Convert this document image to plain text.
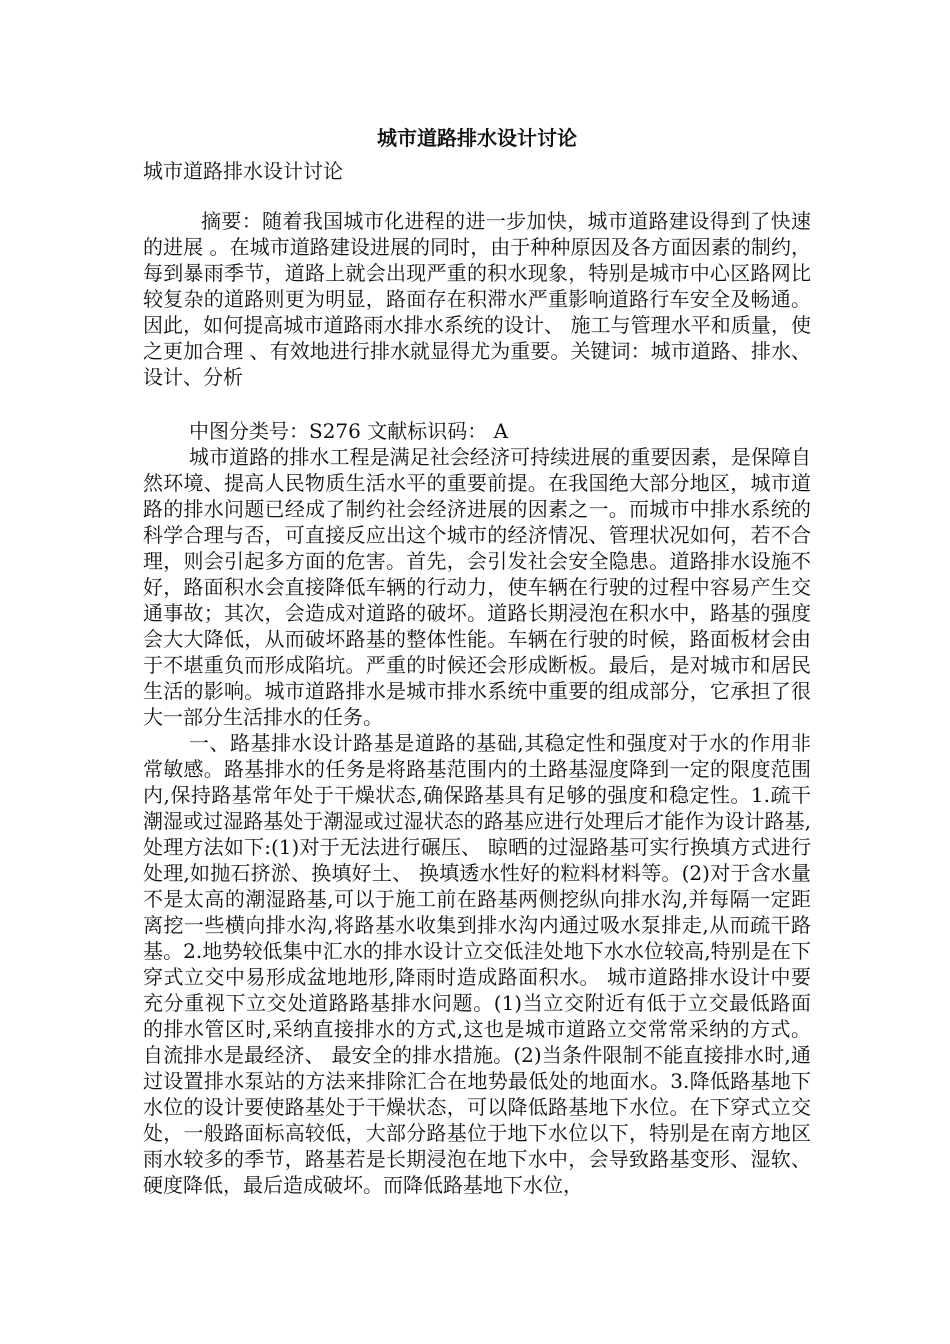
城市道路排水设计讨论

城市道路排水设计讨论

摘要：随着我国城市化进程的进一步加快，城市道路建设得到了快速的进展 。在城市道路建设进展的同时，由于种种原因及各方面因素的制约，每到暴雨季节，道路上就会出现严重的积水现象，特别是城市中心区路网比较复杂的道路则更为明显，路面存在积滞水严重影响道路行车安全及畅通。 因此，如何提高城市道路雨水排水系统的设计、 施工与管理水平和质量，使之更加合理 、有效地进行排水就显得尤为重要。关键词：城市道路、排水、设计、分析

中图分类号：S276 文献标识码： A

城市道路的排水工程是满足社会经济可持续进展的重要因素，是保障自然环境、提高人民物质生活水平的重要前提。在我国绝大部分地区，城市道路的排水问题已经成了制约社会经济进展的因素之一。而城市中排水系统的科学合理与否，可直接反应出这个城市的经济情况、管理状况如何，若不合理，则会引起多方面的危害。首先，会引发社会安全隐患。道路排水设施不好，路面积水会直接降低车辆的行动力，使车辆在行驶的过程中容易产生交通事故；其次，会造成对道路的破坏。道路长期浸泡在积水中，路基的强度会大大降低，从而破坏路基的整体性能。车辆在行驶的时候，路面板材会由于不堪重负而形成陷坑。严重的时候还会形成断板。最后，是对城市和居民生活的影响。城市道路排水是城市排水系统中重要的组成部分，它承担了很大一部分生活排水的任务。

一、路基排水设计路基是道路的基础,其稳定性和强度对于水的作用非常敏感。路基排水的任务是将路基范围内的土路基湿度降到一定的限度范围内,保持路基常年处于干燥状态,确保路基具有足够的强度和稳定性。1.疏干潮湿或过湿路基处于潮湿或过湿状态的路基应进行处理后才能作为设计路基,处理方法如下:(1)对于无法进行碾压、 晾晒的过湿路基可实行换填方式进行处理,如抛石挤淤、换填好土、 换填透水性好的粒料材料等。(2)对于含水量不是太高的潮湿路基,可以于施工前在路基两侧挖纵向排水沟,并每隔一定距离挖一些横向排水沟,将路基水收集到排水沟内通过吸水泵排走,从而疏干路基。2.地势较低集中汇水的排水设计立交低洼处地下水水位较高,特别是在下穿式立交中易形成盆地地形,降雨时造成路面积水。 城市道路排水设计中要充分重视下立交处道路路基排水问题。(1)当立交附近有低于立交最低路面的排水管区时,采纳直接排水的方式,这也是城市道路立交常常采纳的方式。自流排水是最经济、 最安全的排水措施。(2)当条件限制不能直接排水时,通过设置排水泵站的方法来排除汇合在地势最低处的地面水。3.降低路基地下水位的设计要使路基处于干燥状态，可以降低路基地下水位。在下穿式立交处，一般路面标高较低，大部分路基位于地下水位以下，特别是在南方地区雨水较多的季节，路基若是长期浸泡在地下水中，会导致路基变形、湿软、硬度降低，最后造成破坏。而降低路基地下水位，
